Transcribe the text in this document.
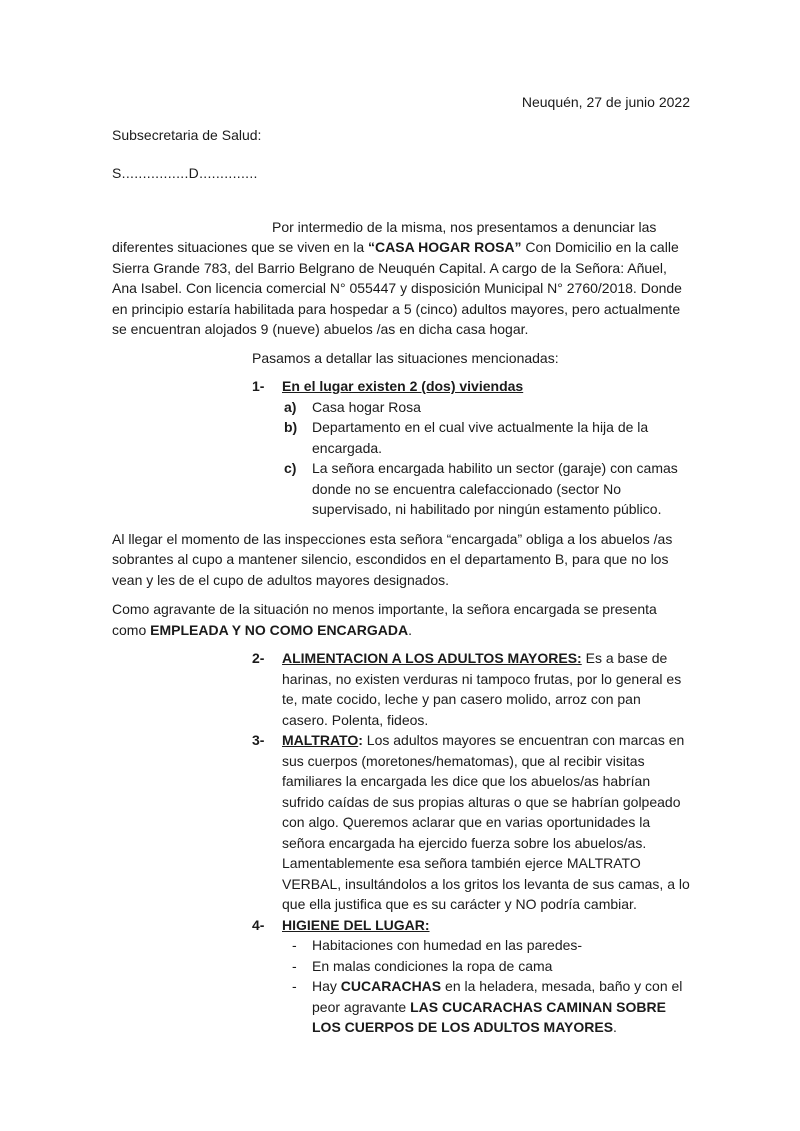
Neuquén, 27 de junio 2022
Subsecretaria de Salud:
S................D..............

Por intermedio de la misma, nos presentamos a denunciar las diferentes situaciones que se viven en la “CASA HOGAR ROSA” Con Domicilio en la calle Sierra Grande 783, del Barrio Belgrano de Neuquén Capital. A cargo de la Señora: Añuel, Ana Isabel. Con licencia comercial N° 055447 y disposición Municipal N° 2760/2018. Donde en principio estaría habilitada para hospedar a 5 (cinco) adultos mayores, pero actualmente se encuentran alojados 9 (nueve) abuelos /as en dicha casa hogar.

Pasamos a detallar las situaciones mencionadas:

1-	En el lugar existen 2 (dos) viviendas

a)	Casa hogar Rosa

b)	Departamento en el cual vive actualmente la hija de la encargada.

c)	La señora encargada habilito un sector (garaje) con camas donde no se encuentra calefaccionado (sector No supervisado, ni habilitado por ningún estamento público.

Al llegar el momento de las inspecciones esta señora “encargada” obliga a los abuelos /as sobrantes al cupo a mantener silencio, escondidos en el departamento B, para que no los vean y les de el cupo de adultos mayores designados.

Como agravante de la situación no menos importante, la señora encargada se presenta como EMPLEADA Y NO COMO ENCARGADA.

2-	ALIMENTACION A LOS ADULTOS MAYORES: Es a base de harinas, no existen verduras ni tampoco frutas, por lo general es te, mate cocido, leche y pan casero molido, arroz con pan casero. Polenta, fideos.

3-	MALTRATO: Los adultos mayores se encuentran con marcas en sus cuerpos (moretones/hematomas), que al recibir visitas familiares la encargada les dice que los abuelos/as habrían sufrido caídas de sus propias alturas o que se habrían golpeado con algo. Queremos aclarar que en varias oportunidades la señora encargada ha ejercido fuerza sobre los abuelos/as. Lamentablemente esa señora también ejerce MALTRATO VERBAL, insultándolos a los gritos los levanta de sus camas, a lo que ella justifica que es su carácter y NO podría cambiar.

4-	HIGIENE DEL LUGAR:

-	Habitaciones con humedad en las paredes-

-	En malas condiciones la ropa de cama

-	Hay CUCARACHAS en la heladera, mesada, baño y con el peor agravante LAS CUCARACHAS CAMINAN SOBRE LOS CUERPOS DE LOS ADULTOS MAYORES.
